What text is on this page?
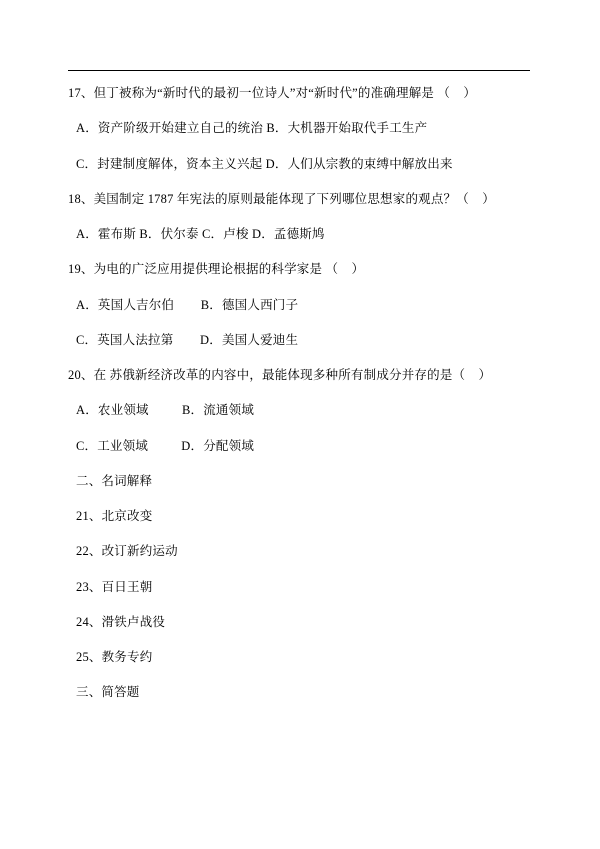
17、但丁被称为“新时代的最初一位诗人”对“新时代”的准确理解是 （    ）
A．资产阶级开始建立自己的统治 B．大机器开始取代手工生产
C．封建制度解体，资本主义兴起 D．人们从宗教的束缚中解放出来
18、美国制定 1787 年宪法的原则最能体现了下列哪位思想家的观点？（    ）
A．霍布斯 B．伏尔泰 C．卢梭 D．孟德斯鸠
19、为电的广泛应用提供理论根据的科学家是 （    ）
A．英国人吉尔伯        B．德国人西门子
C．英国人法拉第        D．美国人爱迪生
20、在 苏俄新经济改革的内容中，最能体现多种所有制成分并存的是（    ）
A．农业领域          B．流通领域
C．工业领域          D．分配领域
二、名词解释
21、北京改变
22、改订新约运动
23、百日王朝
24、滑铁卢战役
25、教务专约
三、简答题
